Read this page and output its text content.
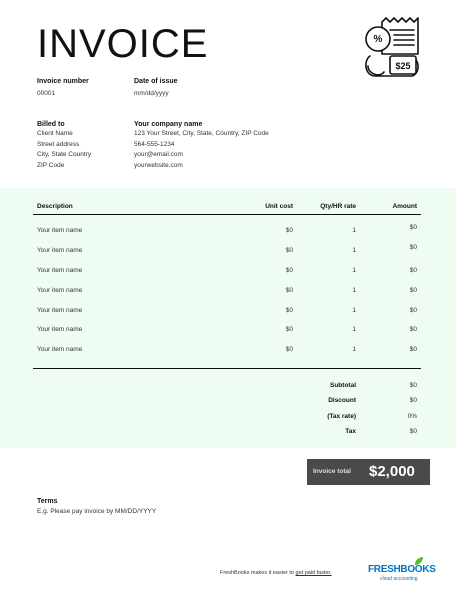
INVOICE	%
$25
Invoice number
00001
Date of issue
mm/dd/yyyy
Billed to
Client Name
Street address
City, State Country
ZIP Code
Your company name
123 Your Street, City, State, Country, ZIP Code
564-555-1234
your@email.com
yourwebsite.com
Description	Unit cost	Qty/HR rate	Amount
Your item name	$0	1	$0
Your item name	$0	1	$0
Your item name	$0	1	$0
Your item name	$0	1	$0
Your item name	$0	1	$0
Your item name	$0	1	$0
Your item name	$0	1	$0
Subtotal	$0
Discount	$0
(Tax rate)	0%
Tax	$0
Invoice total $2,000
Terms
E.g. Please pay invoice by MM/DD/YYYY
FreshBooks makes it easier to get paid faster.	FRESHBOOKS
cloud accounting
